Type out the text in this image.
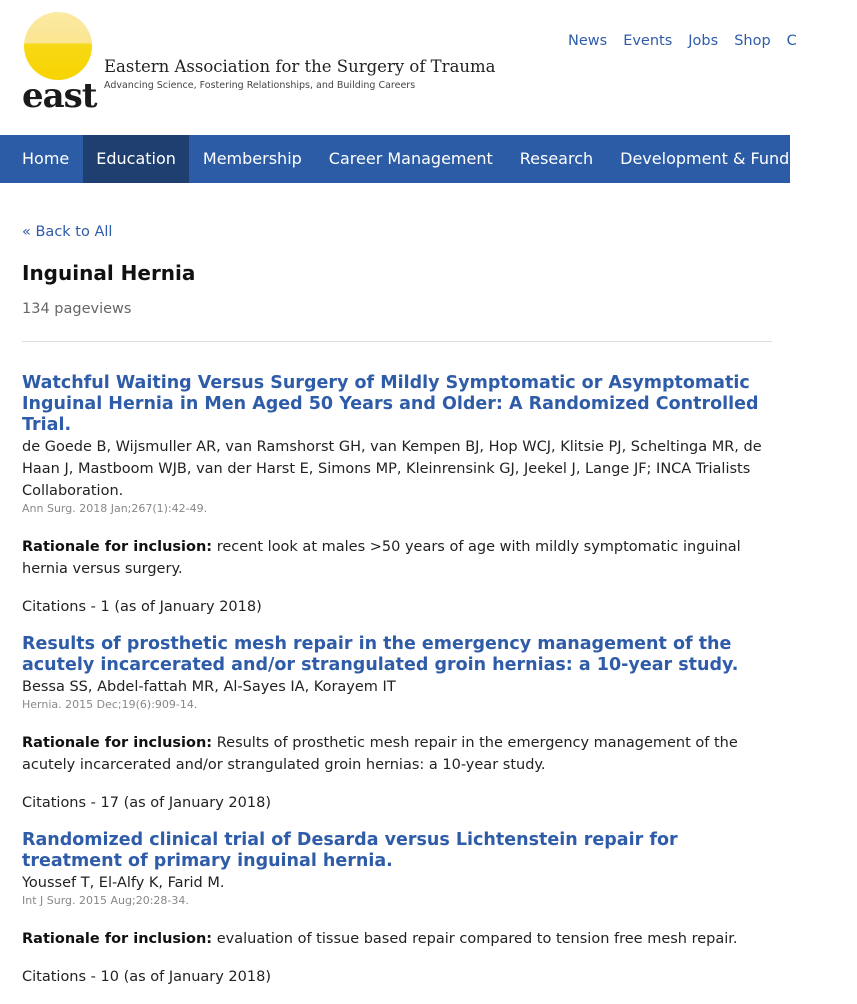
east
Eastern Association for the Surgery of Trauma
Advancing Science, Fostering Relationships, and Building Careers
News Events Jobs Shop C
Home	Education	Membership	Career Management	Research	Development & Fundraising
« Back to All
Inguinal Hernia
134 pageviews
Watchful Waiting Versus Surgery of Mildly Symptomatic or Asymptomatic Inguinal Hernia in Men Aged 50 Years and Older: A Randomized Controlled Trial.
de Goede B, Wijsmuller AR, van Ramshorst GH, van Kempen BJ, Hop WCJ, Klitsie PJ, Scheltinga MR, de Haan J, Mastboom WJB, van der Harst E, Simons MP, Kleinrensink GJ, Jeekel J, Lange JF; INCA Trialists Collaboration.
Ann Surg. 2018 Jan;267(1):42-49.
Rationale for inclusion: recent look at males >50 years of age with mildly symptomatic inguinal hernia versus surgery.
Citations - 1 (as of January 2018)
Results of prosthetic mesh repair in the emergency management of the acutely incarcerated and/or strangulated groin hernias: a 10-year study.
Bessa SS, Abdel-fattah MR, Al-Sayes IA, Korayem IT
Hernia. 2015 Dec;19(6):909-14.
Rationale for inclusion: Results of prosthetic mesh repair in the emergency management of the acutely incarcerated and/or strangulated groin hernias: a 10-year study.
Citations - 17 (as of January 2018)
Randomized clinical trial of Desarda versus Lichtenstein repair for treatment of primary inguinal hernia.
Youssef T, El-Alfy K, Farid M.
Int J Surg. 2015 Aug;20:28-34.
Rationale for inclusion: evaluation of tissue based repair compared to tension free mesh repair.
Citations - 10 (as of January 2018)
